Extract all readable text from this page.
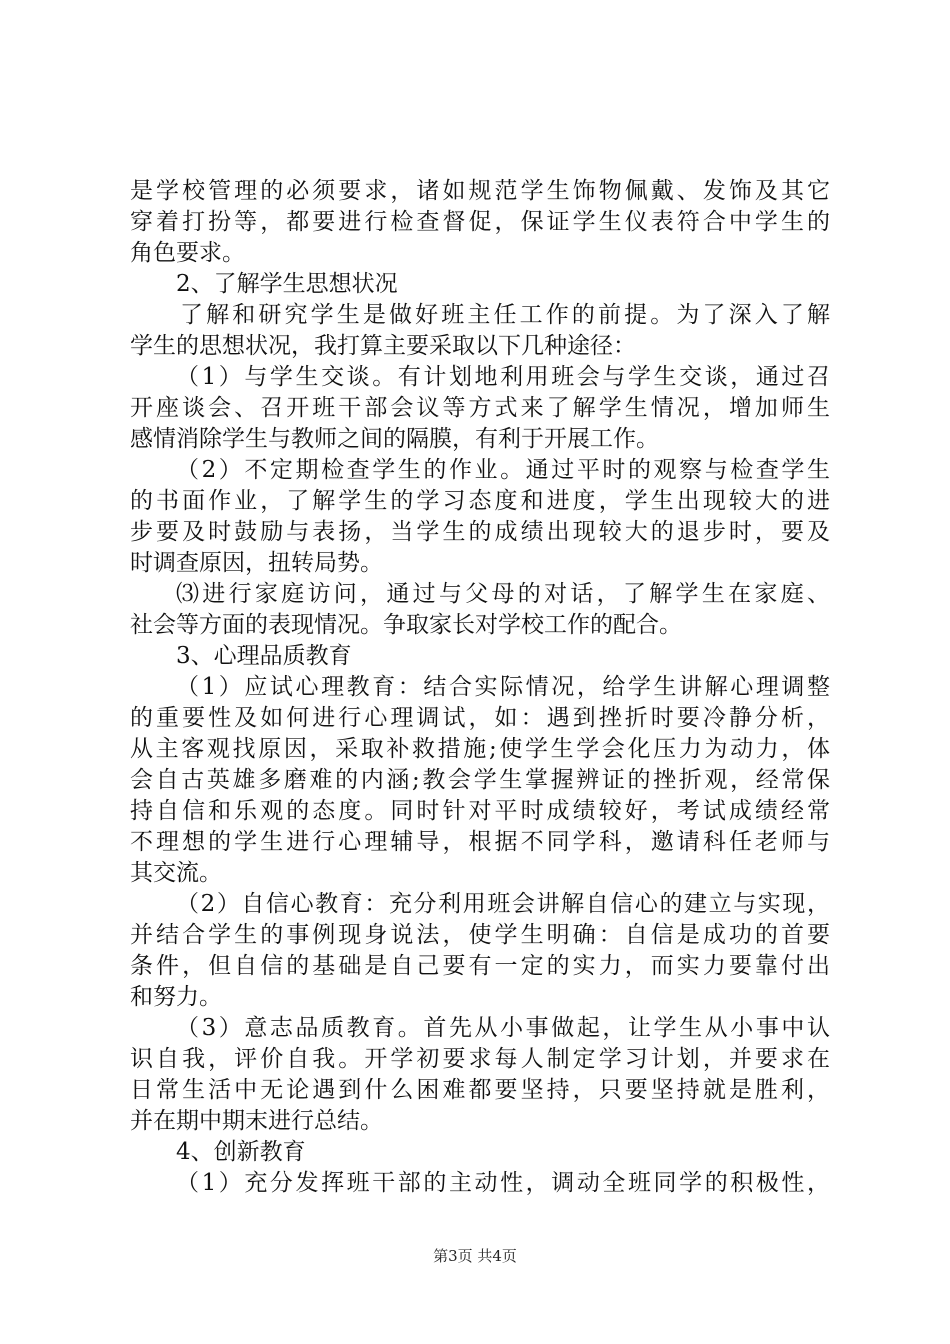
是学校管理的必须要求，诸如规范学生饰物佩戴、发饰及其它
穿着打扮等，都要进行检查督促，保证学生仪表符合中学生的
角色要求。
2、了解学生思想状况
了解和研究学生是做好班主任工作的前提。为了深入了解
学生的思想状况，我打算主要采取以下几种途径：
（1）与学生交谈。有计划地利用班会与学生交谈，通过召
开座谈会、召开班干部会议等方式来了解学生情况，增加师生
感情消除学生与教师之间的隔膜，有利于开展工作。
（2）不定期检查学生的作业。通过平时的观察与检查学生
的书面作业，了解学生的学习态度和进度，学生出现较大的进
步要及时鼓励与表扬，当学生的成绩出现较大的退步时，要及
时调查原因，扭转局势。
⑶进行家庭访问，通过与父母的对话，了解学生在家庭、
社会等方面的表现情况。争取家长对学校工作的配合。
3、心理品质教育
（1）应试心理教育：结合实际情况，给学生讲解心理调整
的重要性及如何进行心理调试，如：遇到挫折时要冷静分析，
从主客观找原因，采取补救措施;使学生学会化压力为动力，体
会自古英雄多磨难的内涵;教会学生掌握辨证的挫折观，经常保
持自信和乐观的态度。同时针对平时成绩较好，考试成绩经常
不理想的学生进行心理辅导，根据不同学科，邀请科任老师与
其交流。
（2）自信心教育：充分利用班会讲解自信心的建立与实现，
并结合学生的事例现身说法，使学生明确：自信是成功的首要
条件，但自信的基础是自己要有一定的实力，而实力要靠付出
和努力。
（3）意志品质教育。首先从小事做起，让学生从小事中认
识自我，评价自我。开学初要求每人制定学习计划，并要求在
日常生活中无论遇到什么困难都要坚持，只要坚持就是胜利，
并在期中期末进行总结。
4、创新教育
（1）充分发挥班干部的主动性，调动全班同学的积极性，
第3页 共4页
